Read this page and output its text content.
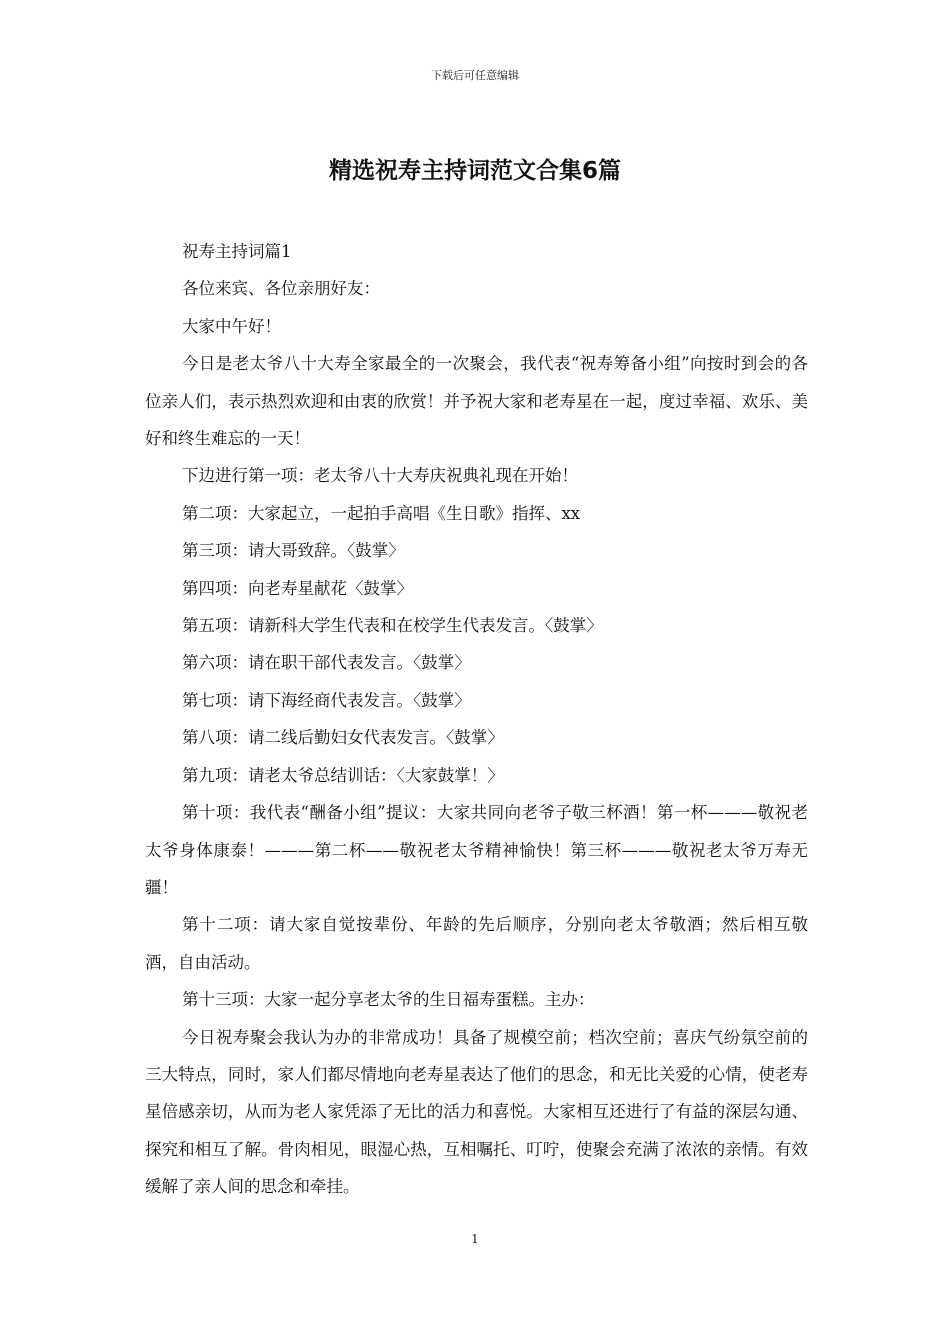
下载后可任意编辑
精选祝寿主持词范文合集6篇

祝寿主持词篇1

各位来宾、各位亲朋好友：

大家中午好！

今日是老太爷八十大寿全家最全的一次聚会，我代表“祝寿筹备小组”向按时到会的各位亲人们，表示热烈欢迎和由衷的欣赏！并予祝大家和老寿星在一起，度过幸福、欢乐、美好和终生难忘的一天！

下边进行第一项：老太爷八十大寿庆祝典礼现在开始！

第二项：大家起立，一起拍手高唱《生日歌》指挥、xx

第三项：请大哥致辞。〈鼓掌〉

第四项：向老寿星献花〈鼓掌〉

第五项：请新科大学生代表和在校学生代表发言。〈鼓掌〉

第六项：请在职干部代表发言。〈鼓掌〉

第七项：请下海经商代表发言。〈鼓掌〉

第八项：请二线后勤妇女代表发言。〈鼓掌〉

第九项：请老太爷总结训话：〈大家鼓掌！〉

第十项：我代表“酬备小组”提议：大家共同向老爷子敬三杯酒！第一杯———敬祝老太爷身体康泰！———第二杯——敬祝老太爷精神愉快！第三杯———敬祝老太爷万寿无疆！

第十二项：请大家自觉按辈份、年龄的先后顺序，分别向老太爷敬酒；然后相互敬酒，自由活动。

第十三项：大家一起分享老太爷的生日福寿蛋糕。主办：

今日祝寿聚会我认为办的非常成功！具备了规模空前；档次空前；喜庆气纷氛空前的三大特点，同时，家人们都尽情地向老寿星表达了他们的思念，和无比关爱的心情，使老寿星倍感亲切，从而为老人家凭添了无比的活力和喜悦。大家相互还进行了有益的深层勾通、探究和相互了解。骨肉相见，眼湿心热，互相嘱托、叮咛，使聚会充满了浓浓的亲情。有效缓解了亲人间的思念和牵挂。

1
